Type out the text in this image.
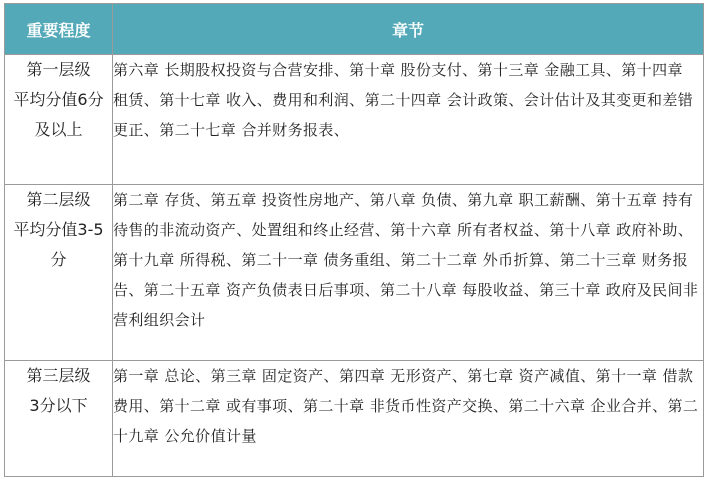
重要程度	章节

第一层级
平均分值6分
及以上	第六章 长期股权投资与合营安排、第十章 股份支付、第十三章 金融工具、第十四章 租赁、第十七章 收入、费用和利润、第二十四章 会计政策、会计估计及其变更和差错更正、第二十七章 合并财务报表、

第二层级
平均分值3-5
分	第二章 存货、第五章 投资性房地产、第八章 负债、第九章 职工薪酬、第十五章 持有待售的非流动资产、处置组和终止经营、第十六章 所有者权益、第十八章 政府补助、第十九章 所得税、第二十一章 债务重组、第二十二章 外币折算、第二十三章 财务报告、第二十五章 资产负债表日后事项、第二十八章 每股收益、第三十章 政府及民间非营利组织会计

第三层级
3分以下	第一章 总论、第三章 固定资产、第四章 无形资产、第七章 资产减值、第十一章 借款费用、第十二章 或有事项、第二十章 非货币性资产交换、第二十六章 企业合并、第二十九章 公允价值计量
